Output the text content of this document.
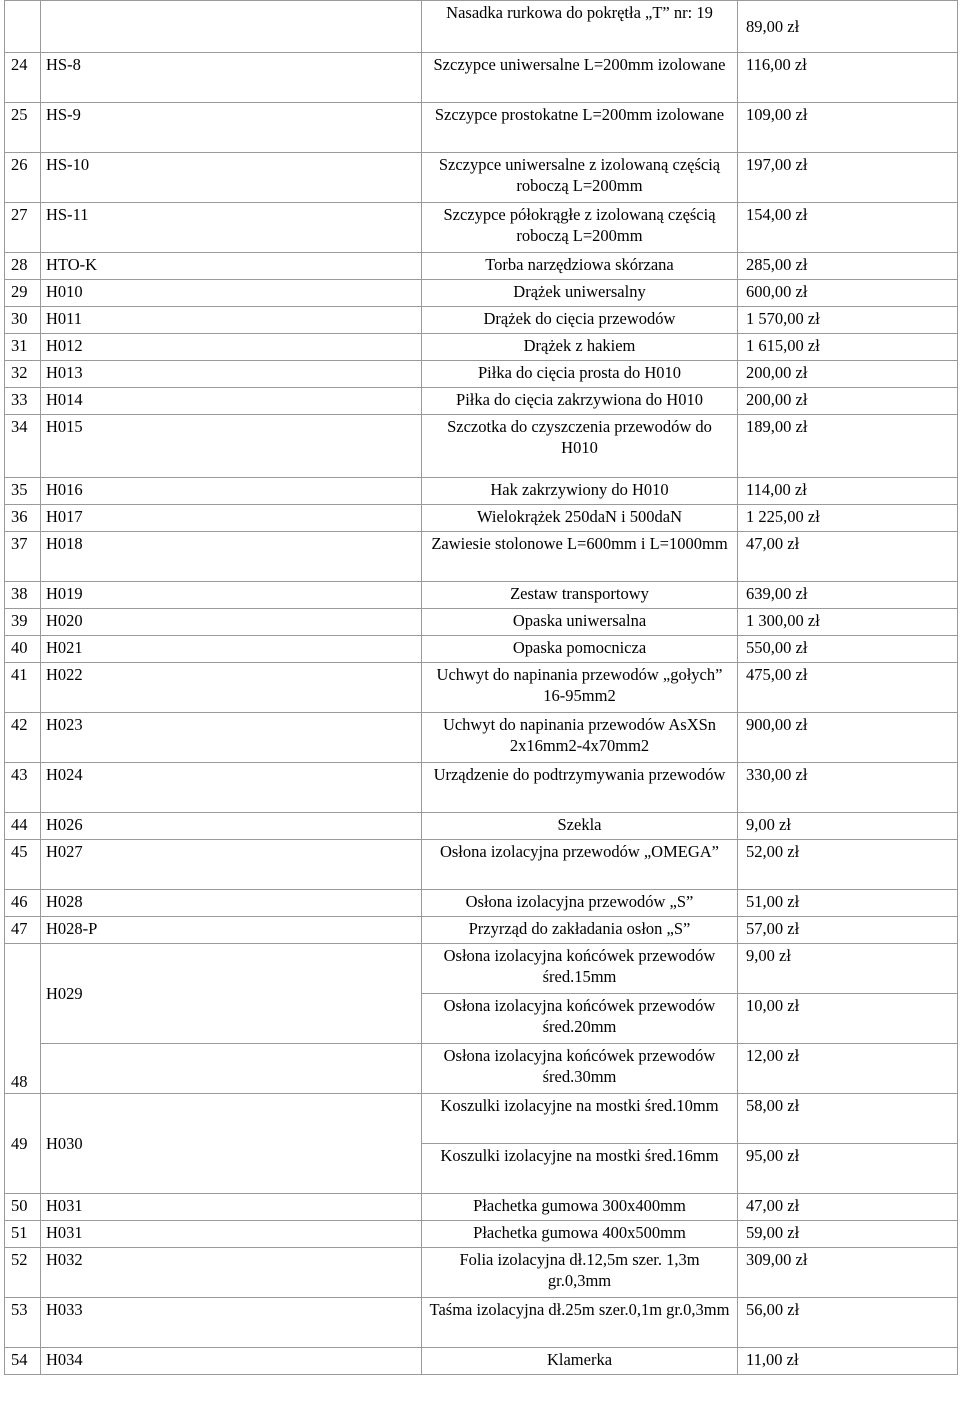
		Nasadka rurkowa do pokrętła „T” nr: 19	89,00 zł
24	HS-8	Szczypce uniwersalne L=200mm izolowane	116,00 zł
25	HS-9	Szczypce prostokatne L=200mm izolowane	109,00 zł
26	HS-10	Szczypce uniwersalne z izolowaną częścią roboczą L=200mm	197,00 zł
27	HS-11	Szczypce półokrągłe z izolowaną częścią roboczą L=200mm	154,00 zł
28	HTO-K	Torba narzędziowa skórzana	285,00 zł
29	H010	Drążek uniwersalny	600,00 zł
30	H011	Drążek do cięcia przewodów	1 570,00 zł
31	H012	Drążek z hakiem	1 615,00 zł
32	H013	Piłka do cięcia prosta do H010	200,00 zł
33	H014	Piłka do cięcia zakrzywiona do H010	200,00 zł
34	H015	Szczotka do czyszczenia przewodów do H010	189,00 zł
35	H016	Hak zakrzywiony do H010	114,00 zł
36	H017	Wielokrążek 250daN i 500daN	1 225,00 zł
37	H018	Zawiesie stolonowe L=600mm i L=1000mm	47,00 zł
38	H019	Zestaw transportowy	639,00 zł
39	H020	Opaska uniwersalna	1 300,00 zł
40	H021	Opaska pomocnicza	550,00 zł
41	H022	Uchwyt do napinania przewodów „gołych” 16-95mm2	475,00 zł
42	H023	Uchwyt do napinania przewodów AsXSn 2x16mm2-4x70mm2	900,00 zł
43	H024	Urządzenie do podtrzymywania przewodów	330,00 zł
44	H026	Szekla	9,00 zł
45	H027	Osłona izolacyjna przewodów „OMEGA”	52,00 zł
46	H028	Osłona izolacyjna przewodów „S”	51,00 zł
47	H028-P	Przyrząd do zakładania osłon „S”	57,00 zł
48	H029	Osłona izolacyjna końcówek przewodów śred.15mm	9,00 zł
		Osłona izolacyjna końcówek przewodów śred.20mm	10,00 zł
		Osłona izolacyjna końcówek przewodów śred.30mm	12,00 zł
49	H030	Koszulki izolacyjne na mostki śred.10mm	58,00 zł
		Koszulki izolacyjne na mostki śred.16mm	95,00 zł
50	H031	Płachetka gumowa 300x400mm	47,00 zł
51	H031	Płachetka gumowa 400x500mm	59,00 zł
52	H032	Folia izolacyjna dł.12,5m szer. 1,3m gr.0,3mm	309,00 zł
53	H033	Taśma izolacyjna dł.25m szer.0,1m gr.0,3mm	56,00 zł
54	H034	Klamerka	11,00 zł
